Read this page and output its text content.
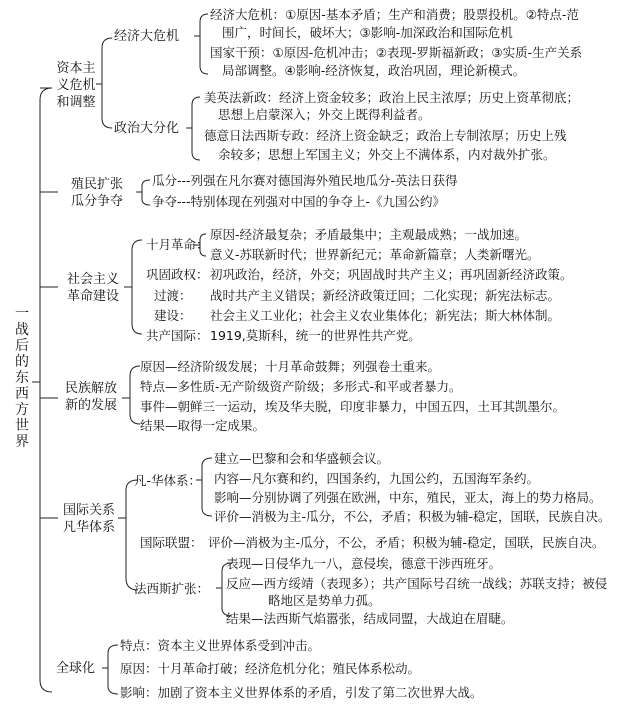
一战后的东西方世界
资本主
义危机
和调整
经济大危机
经济大危机：①原因-基本矛盾；生产和消费；股票投机。②特点-范
围广，时间长，破坏大；③影响-加深政治和国际危机
国家干预：①原因-危机冲击；②表现-罗斯福新政；③实质-生产关系
局部调整。④影响-经济恢复，政治巩固，理论新模式。
政治大分化
美英法新政：经济上资金较多；政治上民主浓厚；历史上资革彻底；
思想上启蒙深入；外交上既得利益者。
德意日法西斯专政：经济上资金缺乏；政治上专制浓厚；历史上残
余较多；思想上军国主义；外交上不满体系，内对裁外扩张。
殖民扩张
瓜分争夺
瓜分---列强在凡尔赛对德国海外殖民地瓜分-英法日获得
争夺---特别体现在列强对中国的争夺上-《九国公约》
社会主义
革命建设
十月革命：
原因-经济最复杂；矛盾最集中；主观最成熟；一战加速。
意义-苏联新时代；世界新纪元；革命新篇章；人类新曙光。
巩固政权： 初巩政治，经济，外交；巩固战时共产主义；再巩固新经济政策。
过渡： 战时共产主义错误；新经济政策迂回；二化实现；新宪法标志。
建设： 社会主义工业化；社会主义农业集体化；新宪法；斯大林体制。
共产国际： 1919,莫斯科，统一的世界性共产党。
民族解放
新的发展
原因—经济阶级发展；十月革命鼓舞；列强卷土重来。
特点—多性质-无产阶级资产阶级；多形式-和平或者暴力。
事件—朝鲜三一运动，埃及华夫脱，印度非暴力，中国五四，土耳其凯墨尔。
结果—取得一定成果。
国际关系
凡华体系
凡-华体系：
建立—巴黎和会和华盛顿会议。
内容—凡尔赛和约，四国条约，九国公约，五国海军条约。
影响—分别协调了列强在欧洲，中东，殖民，亚太，海上的势力格局。
评价—消极为主-瓜分，不公，矛盾；积极为辅-稳定，国联，民族自决。
国际联盟： 评价—消极为主-瓜分，不公，矛盾；积极为辅-稳定，国联，民族自决。
法西斯扩张：
表现—日侵华九一八，意侵埃，德意干涉西班牙。
反应—西方绥靖（表现多）；共产国际号召统一战线；苏联支持；被侵
略地区是势单力孤。
结果—法西斯气焰嚣张，结成同盟，大战迫在眉睫。
全球化
特点：资本主义世界体系受到冲击。
原因：十月革命打破；经济危机分化；殖民体系松动。
影响：加剧了资本主义世界体系的矛盾，引发了第二次世界大战。
